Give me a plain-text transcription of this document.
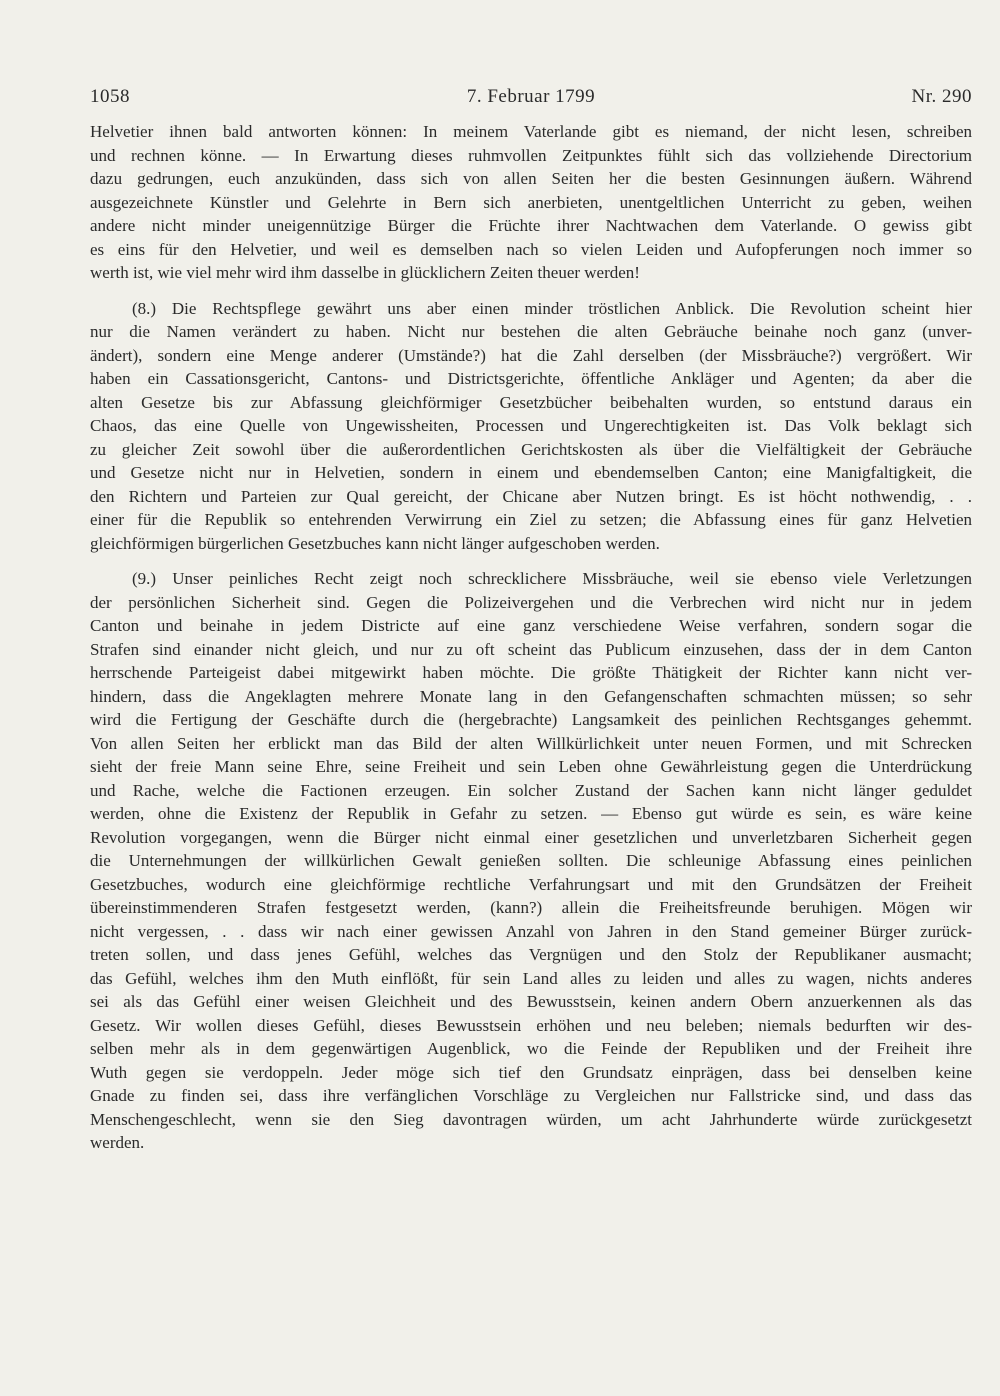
1058	7. Februar 1799	Nr. 290
Helvetier ihnen bald antworten können: In meinem Vaterlande gibt es niemand, der nicht lesen, schreiben
und rechnen könne. — In Erwartung dieses ruhmvollen Zeitpunktes fühlt sich das vollziehende Directorium
dazu gedrungen, euch anzukünden, dass sich von allen Seiten her die besten Gesinnungen äußern. Während
ausgezeichnete Künstler und Gelehrte in Bern sich anerbieten, unentgeltlichen Unterricht zu geben, weihen
andere nicht minder uneigennützige Bürger die Früchte ihrer Nachtwachen dem Vaterlande. O gewiss gibt
es eins für den Helvetier, und weil es demselben nach so vielen Leiden und Aufopferungen noch immer so
werth ist, wie viel mehr wird ihm dasselbe in glücklichern Zeiten theuer werden!
(8.) Die Rechtspflege gewährt uns aber einen minder tröstlichen Anblick. Die Revolution scheint hier
nur die Namen verändert zu haben. Nicht nur bestehen die alten Gebräuche beinahe noch ganz (unver-
ändert), sondern eine Menge anderer (Umstände?) hat die Zahl derselben (der Missbräuche?) vergrößert. Wir
haben ein Cassationsgericht, Cantons- und Districtsgerichte, öffentliche Ankläger und Agenten; da aber die
alten Gesetze bis zur Abfassung gleichförmiger Gesetzbücher beibehalten wurden, so entstund daraus ein
Chaos, das eine Quelle von Ungewissheiten, Processen und Ungerechtigkeiten ist. Das Volk beklagt sich
zu gleicher Zeit sowohl über die außerordentlichen Gerichtskosten als über die Vielfältigkeit der Gebräuche
und Gesetze nicht nur in Helvetien, sondern in einem und ebendemselben Canton; eine Manigfaltigkeit, die
den Richtern und Parteien zur Qual gereicht, der Chicane aber Nutzen bringt. Es ist höcht nothwendig, . .
einer für die Republik so entehrenden Verwirrung ein Ziel zu setzen; die Abfassung eines für ganz Helvetien
gleichförmigen bürgerlichen Gesetzbuches kann nicht länger aufgeschoben werden.
(9.) Unser peinliches Recht zeigt noch schrecklichere Missbräuche, weil sie ebenso viele Verletzungen
der persönlichen Sicherheit sind. Gegen die Polizeivergehen und die Verbrechen wird nicht nur in jedem
Canton und beinahe in jedem Districte auf eine ganz verschiedene Weise verfahren, sondern sogar die
Strafen sind einander nicht gleich, und nur zu oft scheint das Publicum einzusehen, dass der in dem Canton
herrschende Parteigeist dabei mitgewirkt haben möchte. Die größte Thätigkeit der Richter kann nicht ver-
hindern, dass die Angeklagten mehrere Monate lang in den Gefangenschaften schmachten müssen; so sehr
wird die Fertigung der Geschäfte durch die (hergebrachte) Langsamkeit des peinlichen Rechtsganges gehemmt.
Von allen Seiten her erblickt man das Bild der alten Willkürlichkeit unter neuen Formen, und mit Schrecken
sieht der freie Mann seine Ehre, seine Freiheit und sein Leben ohne Gewährleistung gegen die Unterdrückung
und Rache, welche die Factionen erzeugen. Ein solcher Zustand der Sachen kann nicht länger geduldet
werden, ohne die Existenz der Republik in Gefahr zu setzen. — Ebenso gut würde es sein, es wäre keine
Revolution vorgegangen, wenn die Bürger nicht einmal einer gesetzlichen und unverletzbaren Sicherheit gegen
die Unternehmungen der willkürlichen Gewalt genießen sollten. Die schleunige Abfassung eines peinlichen
Gesetzbuches, wodurch eine gleichförmige rechtliche Verfahrungsart und mit den Grundsätzen der Freiheit
übereinstimmenderen Strafen festgesetzt werden, (kann?) allein die Freiheitsfreunde beruhigen. Mögen wir
nicht vergessen, . . dass wir nach einer gewissen Anzahl von Jahren in den Stand gemeiner Bürger zurück-
treten sollen, und dass jenes Gefühl, welches das Vergnügen und den Stolz der Republikaner ausmacht;
das Gefühl, welches ihm den Muth einflößt, für sein Land alles zu leiden und alles zu wagen, nichts anderes
sei als das Gefühl einer weisen Gleichheit und des Bewusstsein, keinen andern Obern anzuerkennen als das
Gesetz. Wir wollen dieses Gefühl, dieses Bewusstsein erhöhen und neu beleben; niemals bedurften wir des-
selben mehr als in dem gegenwärtigen Augenblick, wo die Feinde der Republiken und der Freiheit ihre
Wuth gegen sie verdoppeln. Jeder möge sich tief den Grundsatz einprägen, dass bei denselben keine
Gnade zu finden sei, dass ihre verfänglichen Vorschläge zu Vergleichen nur Fallstricke sind, und dass das
Menschengeschlecht, wenn sie den Sieg davontragen würden, um acht Jahrhunderte würde zurückgesetzt
werden.
